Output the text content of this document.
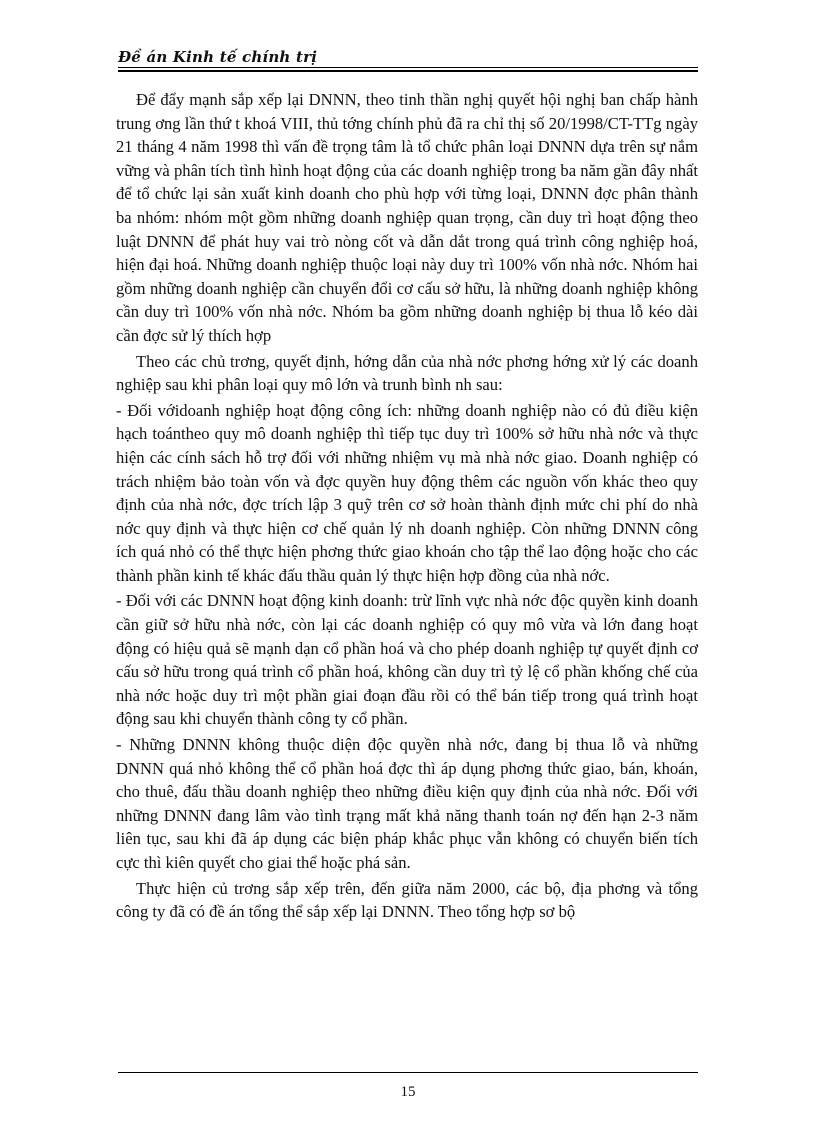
Đề án Kinh tế chính trị

Để đẩy mạnh sắp xếp lại DNNN, theo tinh thần nghị quyết hội nghị ban chấp hành trung ơng lần thứ t khoá VIII, thủ tớng chính phủ đã ra chỉ thị số 20/1998/CT-TTg ngày 21 tháng 4 năm 1998 thì vấn đề trọng tâm là tổ chức phân loại DNNN dựa trên sự nắm vững và phân tích tình hình hoạt động của các doanh nghiệp trong ba năm gần đây nhất để tổ chức lại sản xuất kinh doanh cho phù hợp với từng loại, DNNN đợc phân thành ba nhóm: nhóm một gồm những doanh nghiệp quan trọng, cần duy trì hoạt động theo luật DNNN để phát huy vai trò nòng cốt và dẫn dắt trong quá trình công nghiệp hoá, hiện đại hoá. Những doanh nghiệp thuộc loại này duy trì 100% vốn nhà nớc. Nhóm hai gồm những doanh nghiệp cần chuyển đổi cơ cấu sở hữu, là những doanh nghiệp không cần duy trì 100% vốn nhà nớc. Nhóm ba gồm những doanh nghiệp bị thua lỗ kéo dài cần đợc sử lý thích hợp

Theo các chủ trơng, quyết định, hớng dẫn của nhà nớc phơng hớng xử lý các doanh nghiệp sau khi phân loại quy mô lớn và trunh bình nh sau:

- Đối vớidoanh nghiệp hoạt động công ích: những doanh nghiệp nào có đủ điều kiện hạch toántheo quy mô doanh nghiệp thì tiếp tục duy trì 100% sở hữu nhà nớc và thực hiện các cính sách hỗ trợ đối với những nhiệm vụ mà nhà nớc giao. Doanh nghiệp có trách nhiệm bảo toàn vốn và đợc quyền huy động thêm các nguồn vốn khác theo quy định của nhà nớc, đợc trích lập 3 quỹ trên cơ sở hoàn thành định mức chi phí do nhà nớc quy định và thực hiện cơ chế quản lý nh doanh nghiệp. Còn những DNNN công ích quá nhỏ có thể thực hiện phơng thức giao khoán cho tập thể lao động hoặc cho các thành phần kinh tế khác đấu thầu quản lý thực hiện hợp đồng của nhà nớc.

- Đối với các DNNN hoạt động kinh doanh: trừ lĩnh vực nhà nớc độc quyền kinh doanh cần giữ sở hữu nhà nớc, còn lại các doanh nghiệp có quy mô vừa và lớn đang hoạt động có hiệu quả sẽ mạnh dạn cổ phần hoá và cho phép doanh nghiệp tự quyết định cơ cấu sở hữu trong quá trình cổ phần hoá, không cần duy trì tỷ lệ cổ phần khống chế của nhà nớc hoặc duy trì một phần giai đoạn đầu rồi có thể bán tiếp trong quá trình hoạt động sau khi chuyển thành công ty cổ phần.

- Những DNNN không thuộc diện độc quyền nhà nớc, đang bị thua lỗ và những DNNN quá nhỏ không thể cổ phần hoá đợc thì áp dụng phơng thức giao, bán, khoán, cho thuê, đấu thầu doanh nghiệp theo những điều kiện quy định của nhà nớc. Đối với những DNNN đang lâm vào tình trạng mất khả năng thanh toán nợ đến hạn 2-3 năm liên tục, sau khi đã áp dụng các biện pháp khắc phục vẫn không có chuyển biến tích cực thì kiên quyết cho giai thể hoặc phá sản.

Thực hiện củ trơng sắp xếp trên, đến giữa năm 2000, các bộ, địa phơng và tổng công ty đã có đề án tổng thể sắp xếp lại DNNN. Theo tổng hợp sơ bộ

15
